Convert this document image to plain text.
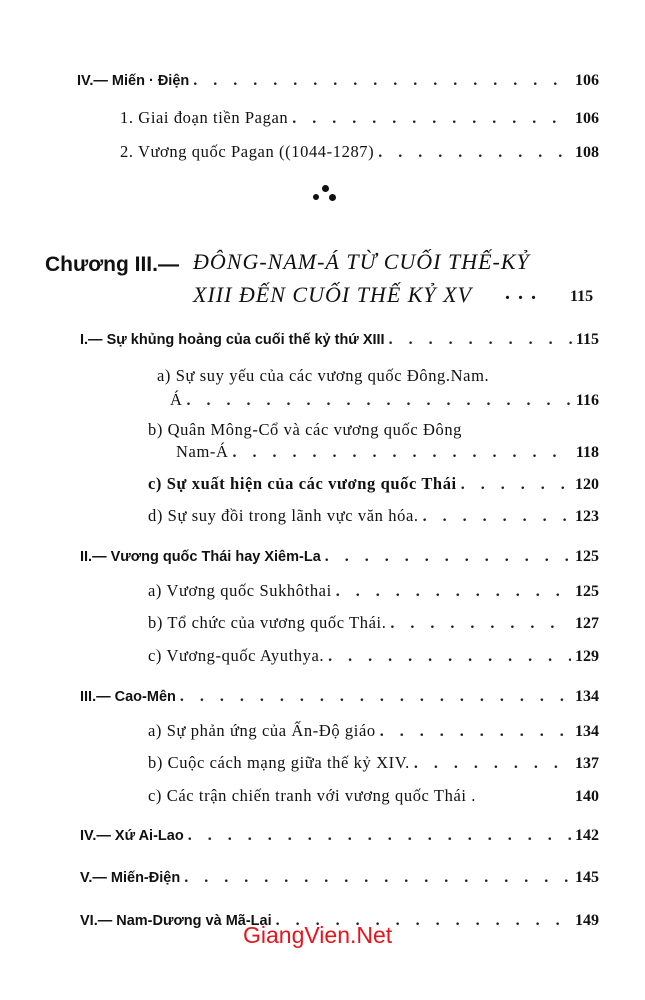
IV.— Miến · Điện . . .	106
1. Giai đoạn tiền Pagan . . .	106
2. Vương quốc Pagan ((1044-1287) . . .	108
Chương III.— ĐÔNG-NAM-Á TỪ CUỐI THẾ-KỶ
XIII ĐẾN CUỐI THẾ KỶ XV ... 115
I.— Sự khủng hoảng của cuối thế kỷ thứ XIII . . .	115
a) Sự suy yếu của các vương quốc Đông.Nam.
Á . . .	116
b) Quân Mông-Cổ và các vương quốc Đông
Nam-Á . . .	118
c) Sự xuất hiện của các vương quốc Thái . . .	120
d) Sự suy đồi trong lãnh vực văn hóa. . . .	123
II.— Vương quốc Thái hay Xiêm-La . . .	125
a) Vương quốc Sukhôthai . . .	125
b) Tổ chức của vương quốc Thái. . . .	127
c) Vương-quốc Ayuthya. . . .	129
III.— Cao-Mên . . .	134
a) Sự phản ứng của Ấn-Độ giáo . . .	134
b) Cuộc cách mạng giữa thế kỷ XIV. . . .	137
c) Các trận chiến tranh với vương quốc Thái .	140
IV.— Xứ Ai-Lao . . .	142
V.— Miến-Điện . . .	145
VI.— Nam-Dương và Mã-Lai . . .	149
GiangVien.Net
